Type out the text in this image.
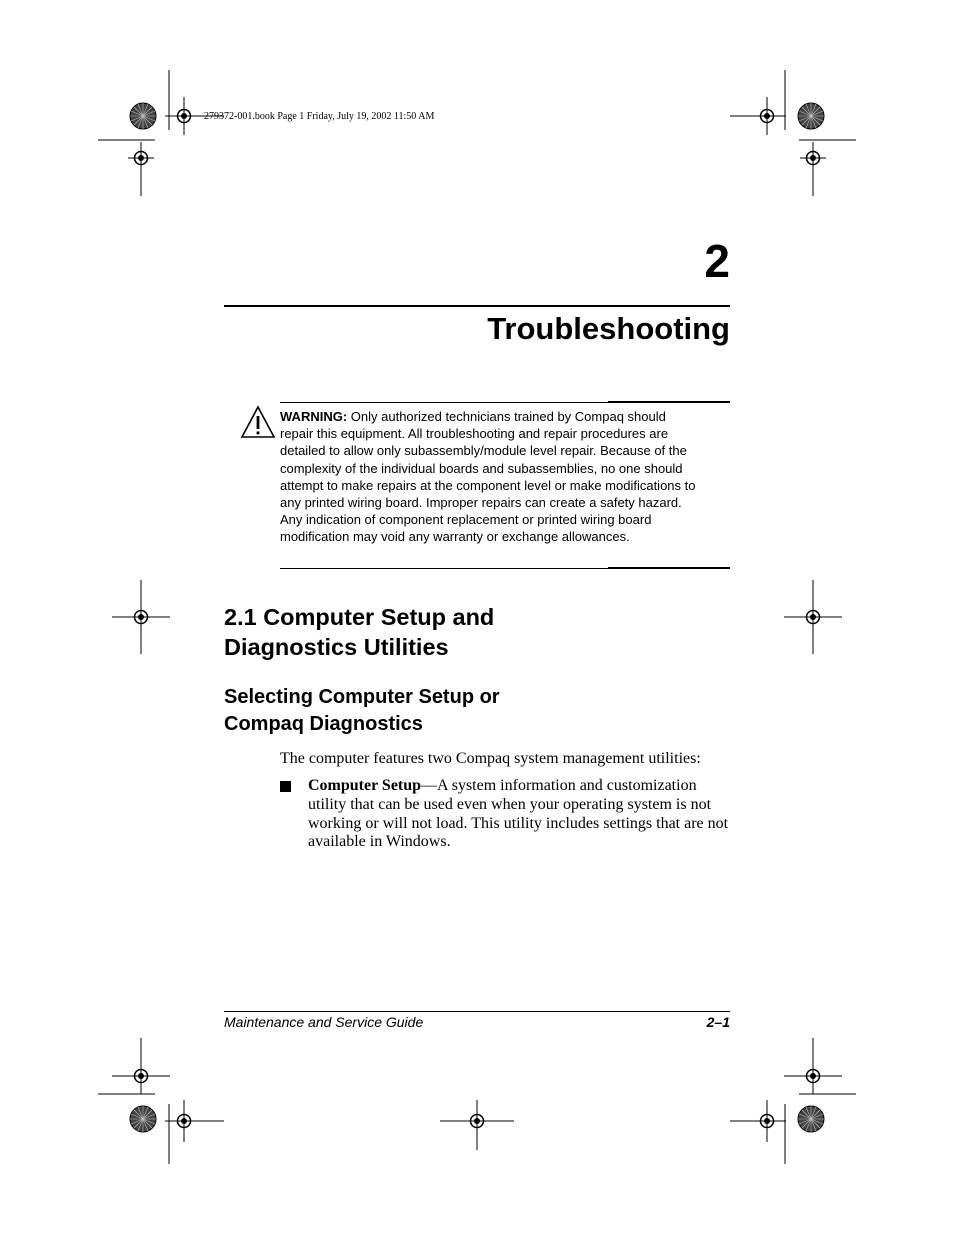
279372-001.book Page 1 Friday, July 19, 2002 11:50 AM
2
Troubleshooting
WARNING: Only authorized technicians trained by Compaq should repair this equipment. All troubleshooting and repair procedures are detailed to allow only subassembly/module level repair. Because of the complexity of the individual boards and subassemblies, no one should attempt to make repairs at the component level or make modifications to any printed wiring board. Improper repairs can create a safety hazard. Any indication of component replacement or printed wiring board modification may void any warranty or exchange allowances.
2.1 Computer Setup and Diagnostics Utilities
Selecting Computer Setup or Compaq Diagnostics
The computer features two Compaq system management utilities:
Computer Setup—A system information and customization utility that can be used even when your operating system is not working or will not load. This utility includes settings that are not available in Windows.
Maintenance and Service Guide	2–1
